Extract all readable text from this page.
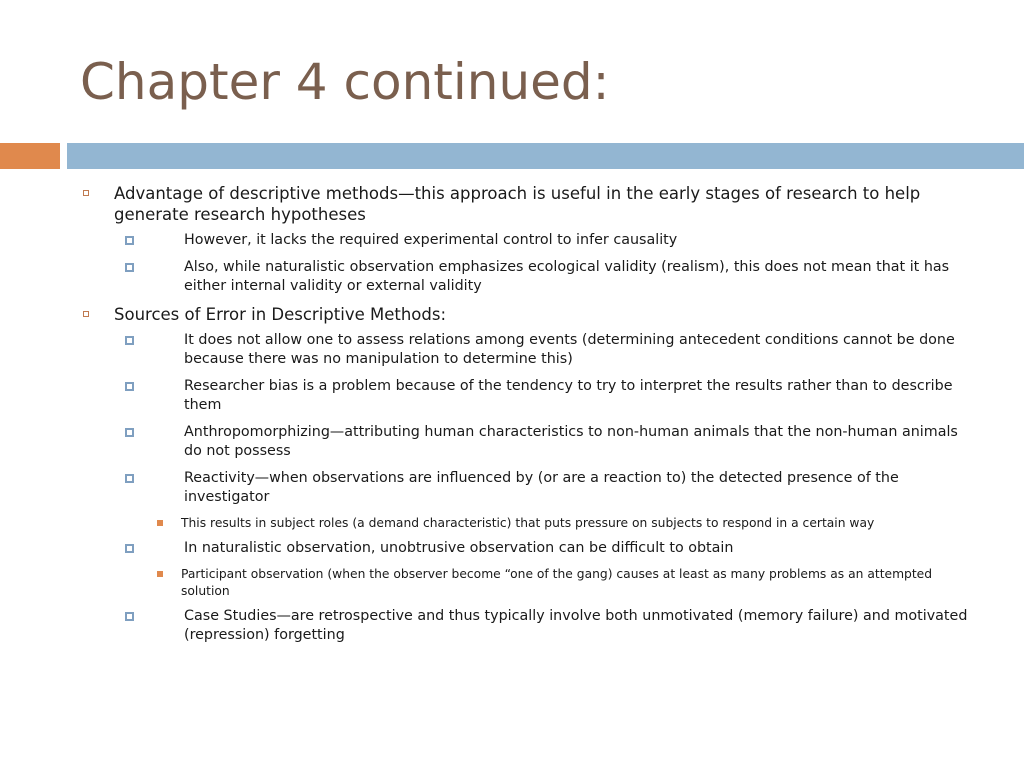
Chapter 4 continued:
Advantage of descriptive methods—this approach is useful in the early stages of research to help generate research hypotheses
However, it lacks the required experimental control to infer causality
Also, while naturalistic observation emphasizes ecological validity (realism), this does not mean that it has either internal validity or external validity
Sources of Error in Descriptive Methods:
It does not allow one to assess relations among events (determining antecedent conditions cannot be done because there was no manipulation to determine this)
Researcher bias is a problem because of the tendency to try to interpret the results rather than to describe them
Anthropomorphizing—attributing human characteristics to non-human animals that the non-human animals do not possess
Reactivity—when observations are influenced by (or are a reaction to) the detected presence of the investigator
This results in subject roles (a demand characteristic) that puts pressure on subjects to respond in a certain way
In naturalistic observation, unobtrusive observation can be difficult to obtain
Participant observation (when the observer become “one of the gang) causes at least as many problems as an attempted solution
Case Studies—are retrospective and thus typically involve both unmotivated (memory failure) and motivated (repression) forgetting
